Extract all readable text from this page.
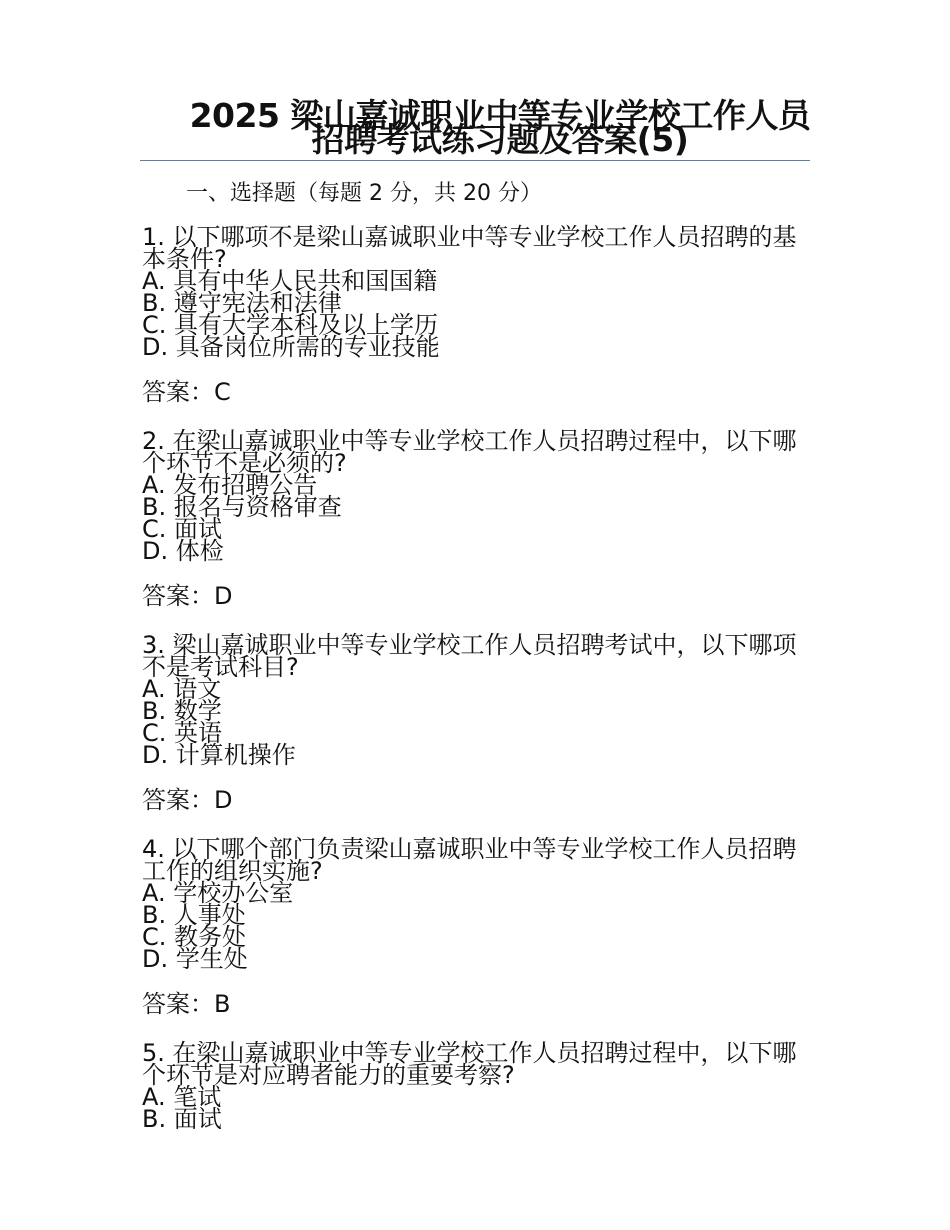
2025 梁山嘉诚职业中等专业学校工作人员招聘考试练习题及答案(5)
一、选择题（每题 2 分，共 20 分）

1. 以下哪项不是梁山嘉诚职业中等专业学校工作人员招聘的基本条件?

A. 具有中华人民共和国国籍

B. 遵守宪法和法律

C. 具有大学本科及以上学历

D. 具备岗位所需的专业技能

答案：C

2. 在梁山嘉诚职业中等专业学校工作人员招聘过程中，以下哪个环节不是必须的?

A. 发布招聘公告

B. 报名与资格审查

C. 面试

D. 体检

答案：D

3. 梁山嘉诚职业中等专业学校工作人员招聘考试中，以下哪项不是考试科目?

A. 语文

B. 数学

C. 英语

D. 计算机操作

答案：D

4. 以下哪个部门负责梁山嘉诚职业中等专业学校工作人员招聘工作的组织实施?

A. 学校办公室

B. 人事处

C. 教务处

D. 学生处

答案：B

5. 在梁山嘉诚职业中等专业学校工作人员招聘过程中，以下哪个环节是对应聘者能力的重要考察?

A. 笔试

B. 面试
